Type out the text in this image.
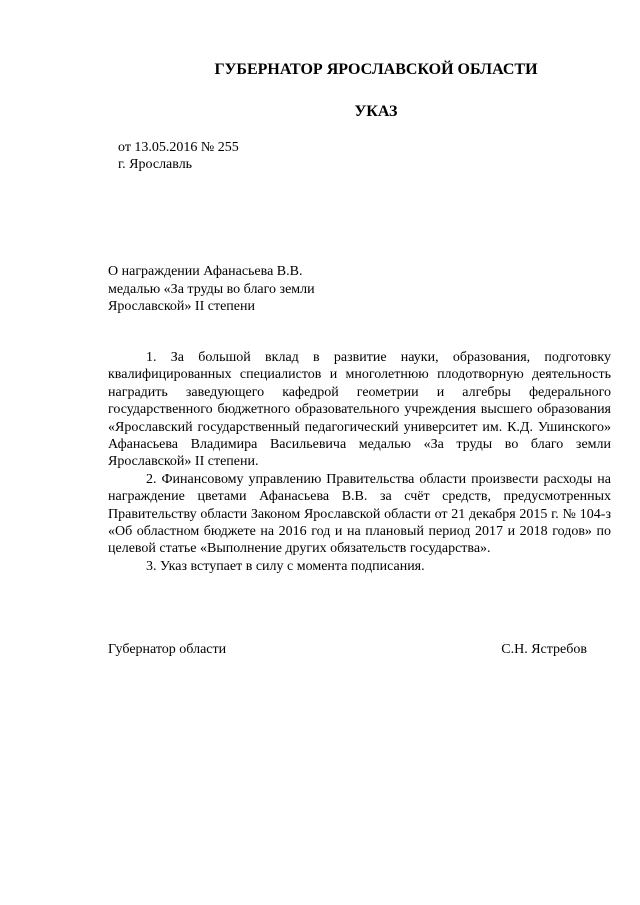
ГУБЕРНАТОР ЯРОСЛАВСКОЙ ОБЛАСТИ
УКАЗ
от 13.05.2016 № 255
г. Ярославль
О награждении Афанасьева В.В.
медалью «За труды во благо земли
Ярославской» II степени

1. За большой вклад в развитие науки, образования, подготовку квалифицированных специалистов и многолетнюю плодотворную деятельность наградить заведующего кафедрой геометрии и алгебры федерального государственного бюджетного образовательного учреждения высшего образования «Ярославский государственный педагогический университет им. К.Д. Ушинского» Афанасьева Владимира Васильевича медалью «За труды во благо земли Ярославской» II степени.

2. Финансовому управлению Правительства области произвести расходы на награждение цветами Афанасьева В.В. за счёт средств, предусмотренных Правительству области Законом Ярославской области от 21 декабря 2015 г. № 104-з «Об областном бюджете на 2016 год и на плановый период 2017 и 2018 годов» по целевой статье «Выполнение других обязательств государства».

3. Указ вступает в силу с момента подписания.

Губернатор области	С.Н. Ястребов
